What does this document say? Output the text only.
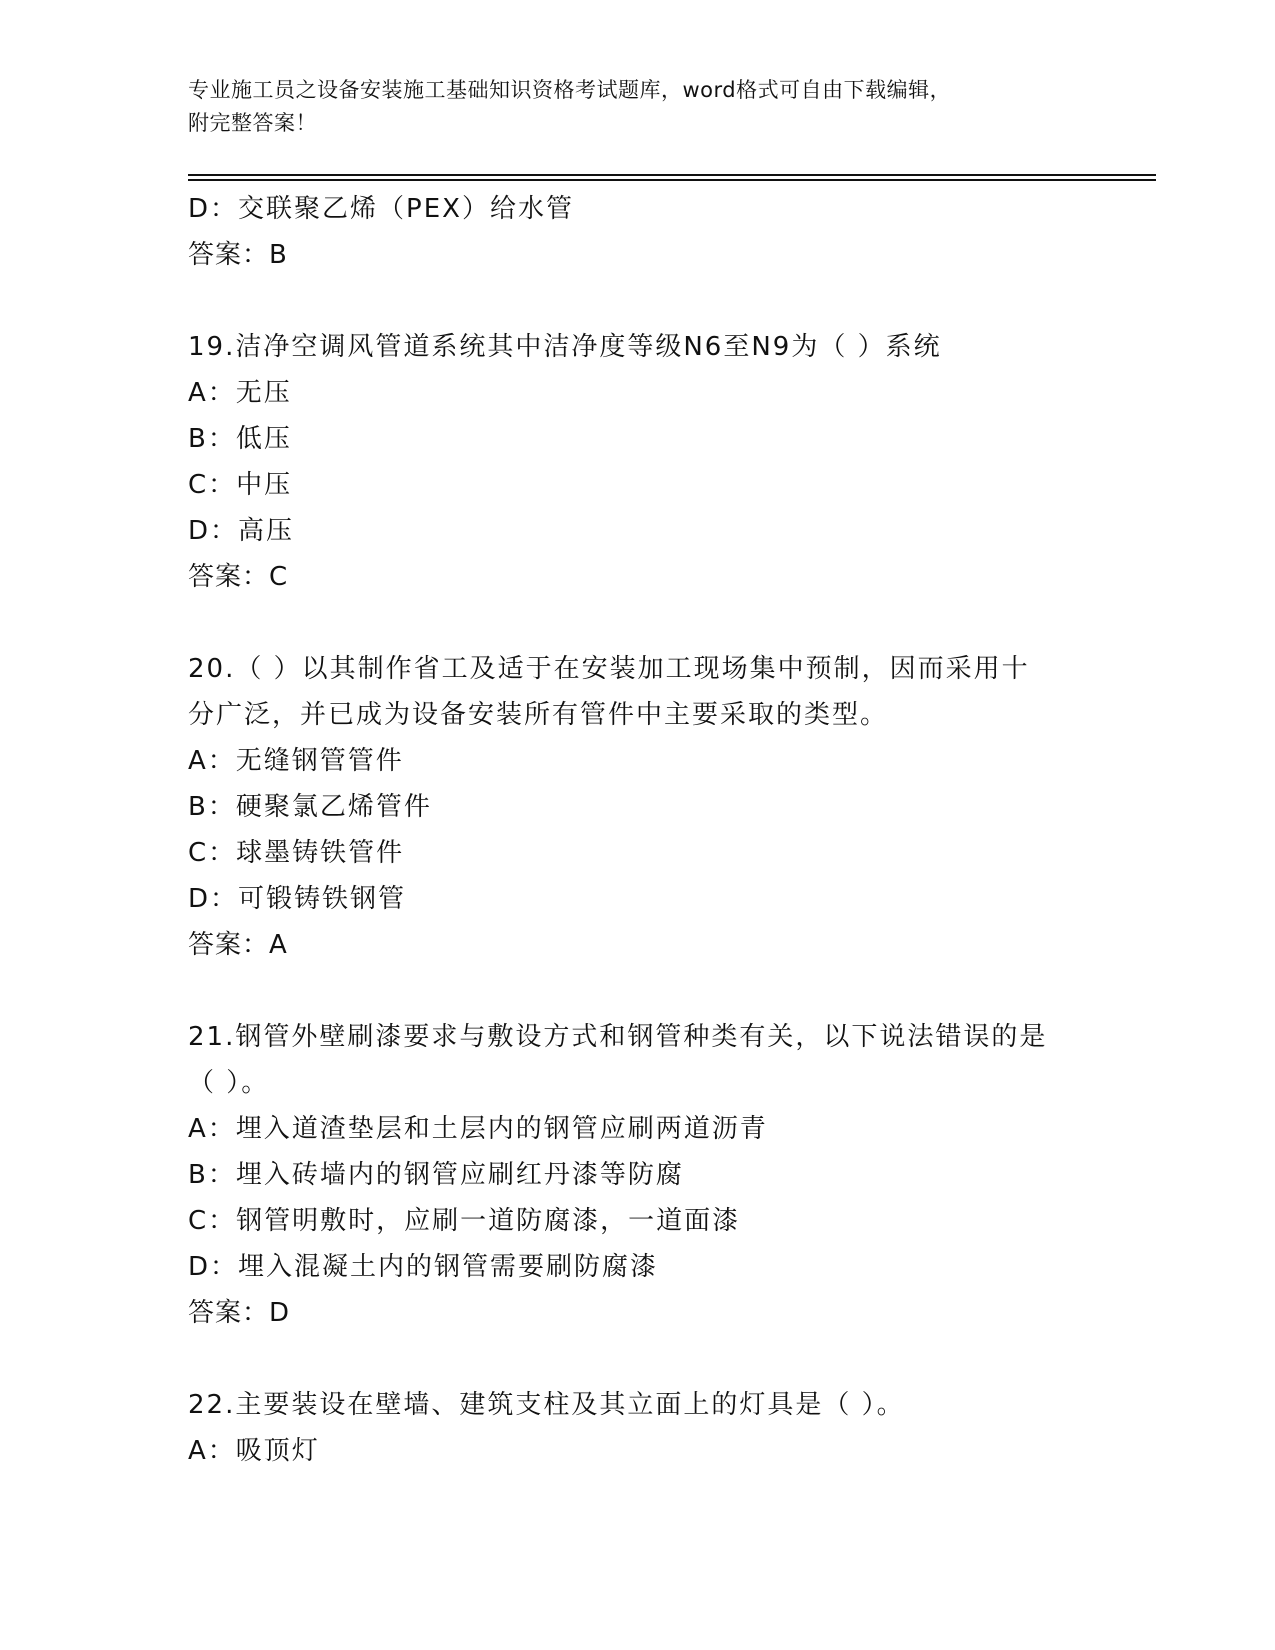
专业施工员之设备安装施工基础知识资格考试题库，word格式可自由下载编辑，
附完整答案！
D：交联聚乙烯（PEX）给水管
答案：B
19.洁净空调风管道系统其中洁净度等级N6至N9为（ ）系统
A：无压
B：低压
C：中压
D：高压
答案：C
20.（ ）以其制作省工及适于在安装加工现场集中预制，因而采用十
分广泛，并已成为设备安装所有管件中主要采取的类型。
A：无缝钢管管件
B：硬聚氯乙烯管件
C：球墨铸铁管件
D：可锻铸铁钢管
答案：A
21.钢管外壁刷漆要求与敷设方式和钢管种类有关，以下说法错误的是
（ ）。
A：埋入道渣垫层和土层内的钢管应刷两道沥青
B：埋入砖墙内的钢管应刷红丹漆等防腐
C：钢管明敷时，应刷一道防腐漆，一道面漆
D：埋入混凝土内的钢管需要刷防腐漆
答案：D
22.主要装设在壁墙、建筑支柱及其立面上的灯具是（ ）。
A：吸顶灯
